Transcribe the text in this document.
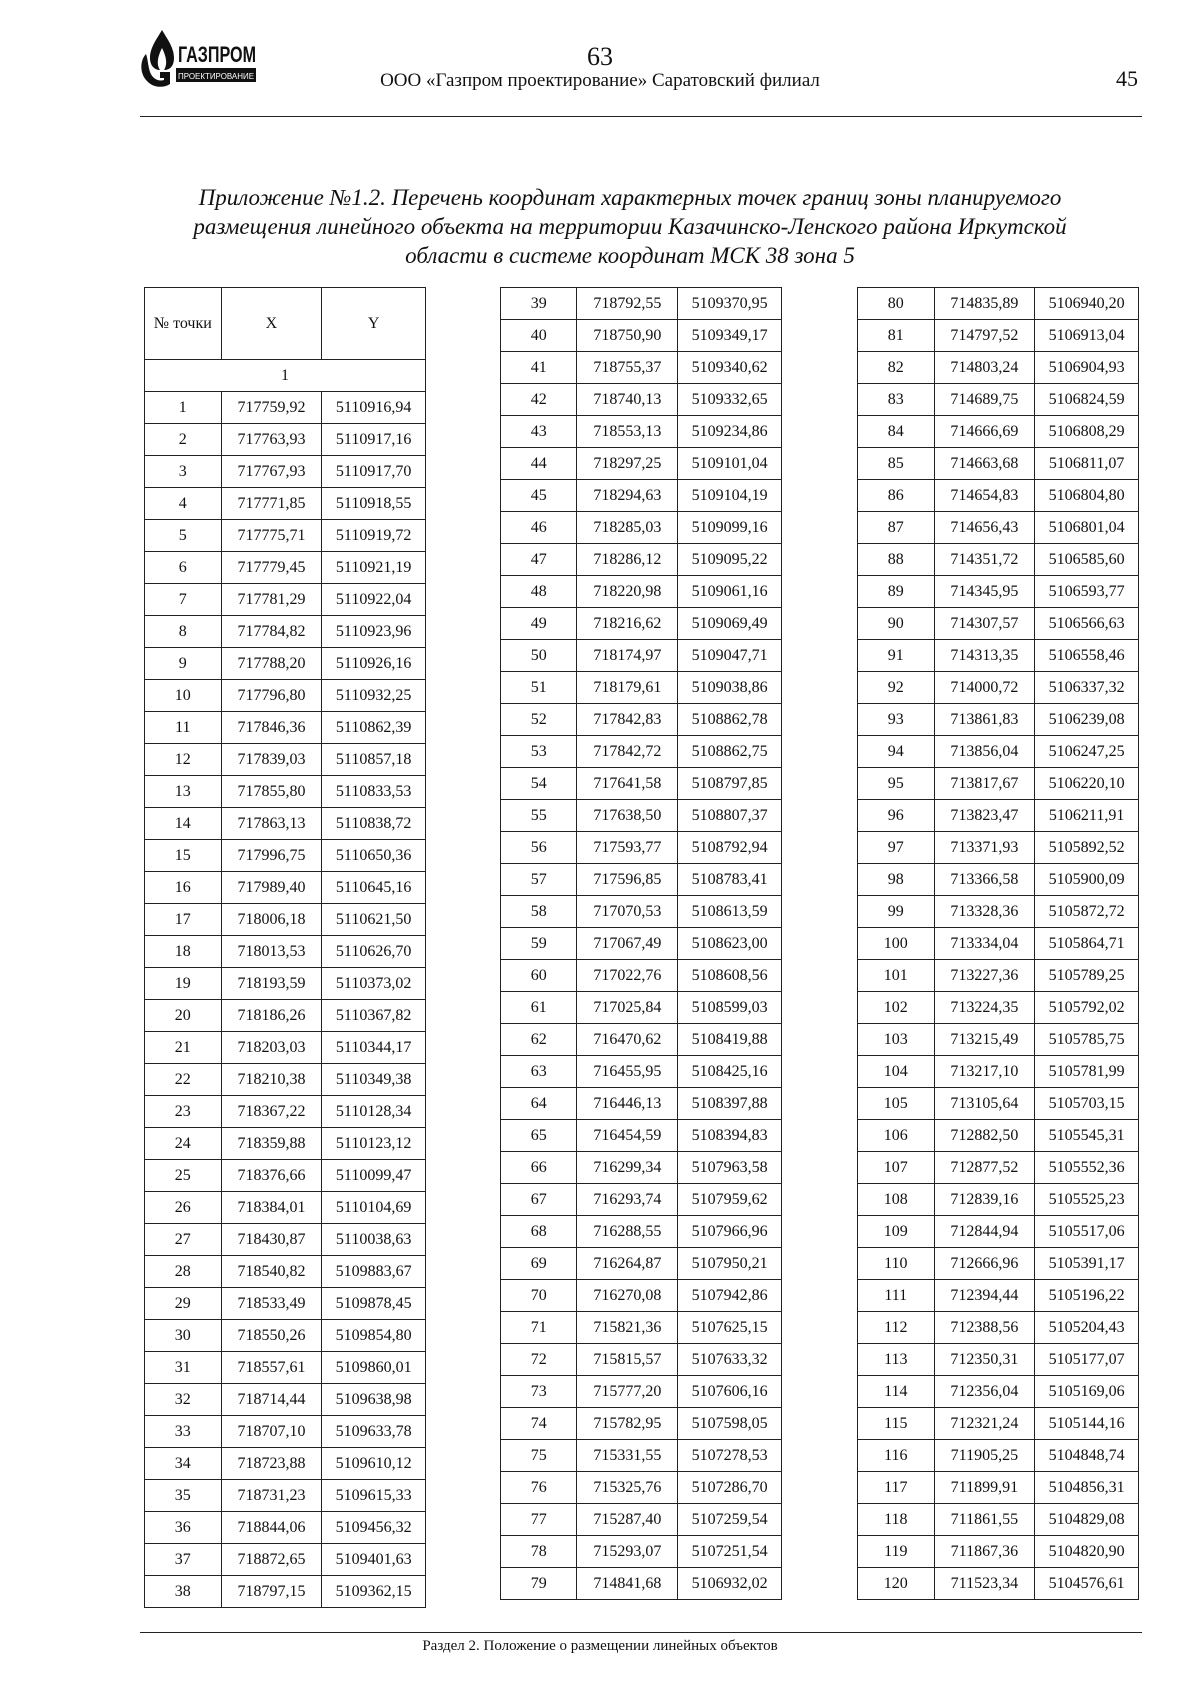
ГАЗПРОМ
ПРОЕКТИРОВАНИЕ
63
ООО «Газпром проектирование» Саратовский филиал	45
Приложение №1.2. Перечень координат характерных точек границ зоны планируемого размещения линейного объекта на территории Казачинско-Ленского района Иркутской области в системе координат МСК 38 зона 5
№ точки	X	Y
1		
1	717759,92	5110916,94
2	717763,93	5110917,16
3	717767,93	5110917,70
4	717771,85	5110918,55
5	717775,71	5110919,72
6	717779,45	5110921,19
7	717781,29	5110922,04
8	717784,82	5110923,96
9	717788,20	5110926,16
10	717796,80	5110932,25
11	717846,36	5110862,39
12	717839,03	5110857,18
13	717855,80	5110833,53
14	717863,13	5110838,72
15	717996,75	5110650,36
16	717989,40	5110645,16
17	718006,18	5110621,50
18	718013,53	5110626,70
19	718193,59	5110373,02
20	718186,26	5110367,82
21	718203,03	5110344,17
22	718210,38	5110349,38
23	718367,22	5110128,34
24	718359,88	5110123,12
25	718376,66	5110099,47
26	718384,01	5110104,69
27	718430,87	5110038,63
28	718540,82	5109883,67
29	718533,49	5109878,45
30	718550,26	5109854,80
31	718557,61	5109860,01
32	718714,44	5109638,98
33	718707,10	5109633,78
34	718723,88	5109610,12
35	718731,23	5109615,33
36	718844,06	5109456,32
37	718872,65	5109401,63
38	718797,15	5109362,15
39	718792,55	5109370,95
40	718750,90	5109349,17
41	718755,37	5109340,62
42	718740,13	5109332,65
43	718553,13	5109234,86
44	718297,25	5109101,04
45	718294,63	5109104,19
46	718285,03	5109099,16
47	718286,12	5109095,22
48	718220,98	5109061,16
49	718216,62	5109069,49
50	718174,97	5109047,71
51	718179,61	5109038,86
52	717842,83	5108862,78
53	717842,72	5108862,75
54	717641,58	5108797,85
55	717638,50	5108807,37
56	717593,77	5108792,94
57	717596,85	5108783,41
58	717070,53	5108613,59
59	717067,49	5108623,00
60	717022,76	5108608,56
61	717025,84	5108599,03
62	716470,62	5108419,88
63	716455,95	5108425,16
64	716446,13	5108397,88
65	716454,59	5108394,83
66	716299,34	5107963,58
67	716293,74	5107959,62
68	716288,55	5107966,96
69	716264,87	5107950,21
70	716270,08	5107942,86
71	715821,36	5107625,15
72	715815,57	5107633,32
73	715777,20	5107606,16
74	715782,95	5107598,05
75	715331,55	5107278,53
76	715325,76	5107286,70
77	715287,40	5107259,54
78	715293,07	5107251,54
79	714841,68	5106932,02
80	714835,89	5106940,20
81	714797,52	5106913,04
82	714803,24	5106904,93
83	714689,75	5106824,59
84	714666,69	5106808,29
85	714663,68	5106811,07
86	714654,83	5106804,80
87	714656,43	5106801,04
88	714351,72	5106585,60
89	714345,95	5106593,77
90	714307,57	5106566,63
91	714313,35	5106558,46
92	714000,72	5106337,32
93	713861,83	5106239,08
94	713856,04	5106247,25
95	713817,67	5106220,10
96	713823,47	5106211,91
97	713371,93	5105892,52
98	713366,58	5105900,09
99	713328,36	5105872,72
100	713334,04	5105864,71
101	713227,36	5105789,25
102	713224,35	5105792,02
103	713215,49	5105785,75
104	713217,10	5105781,99
105	713105,64	5105703,15
106	712882,50	5105545,31
107	712877,52	5105552,36
108	712839,16	5105525,23
109	712844,94	5105517,06
110	712666,96	5105391,17
111	712394,44	5105196,22
112	712388,56	5105204,43
113	712350,31	5105177,07
114	712356,04	5105169,06
115	712321,24	5105144,16
116	711905,25	5104848,74
117	711899,91	5104856,31
118	711861,55	5104829,08
119	711867,36	5104820,90
120	711523,34	5104576,61
Раздел 2. Положение о размещении линейных объектов
